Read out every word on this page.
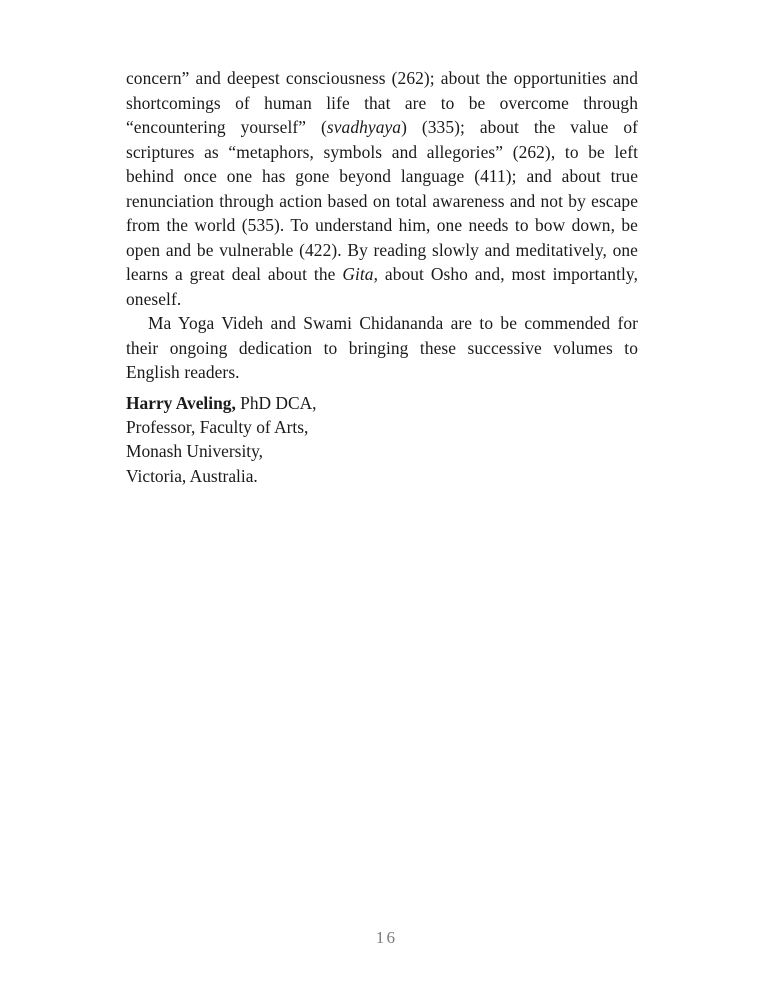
concern” and deepest consciousness (262); about the opportunities and shortcomings of human life that are to be overcome through “encountering yourself” (svadhyaya) (335); about the value of scriptures as “metaphors, symbols and allegories” (262), to be left behind once one has gone beyond language (411); and about true renunciation through action based on total awareness and not by escape from the world (535). To understand him, one needs to bow down, be open and be vulnerable (422). By reading slowly and meditatively, one learns a great deal about the Gita, about Osho and, most importantly, oneself.

Ma Yoga Videh and Swami Chidananda are to be commended for their ongoing dedication to bringing these successive volumes to English readers.

Harry Aveling, PhD DCA,
Professor, Faculty of Arts,
Monash University,
Victoria, Australia.
16
